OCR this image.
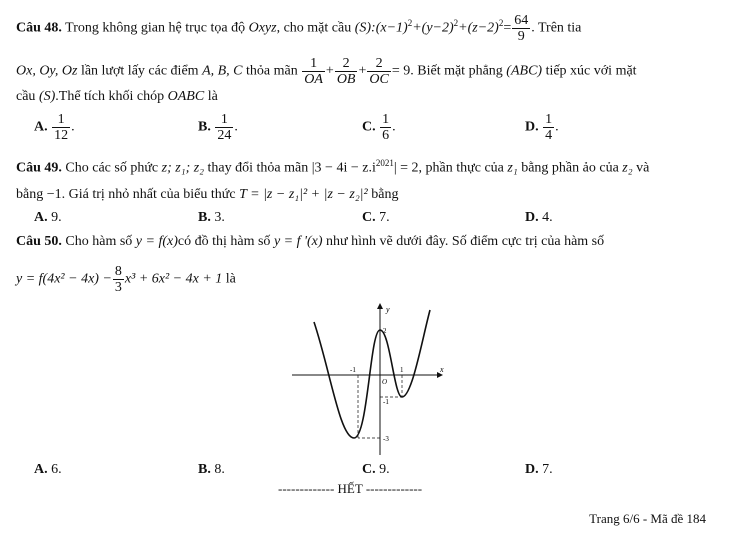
Câu 48. Trong không gian hệ trục tọa độ Oxyz, cho mặt cầu $(S):(x-1)^2+(y-2)^2+(z-2)^2= \frac{64}{9}$ . Trên tia
Ox, Oy, Oz lần lượt lấy các điểm A, B, C thỏa mãn $\frac{1}{OA} + \frac{2}{OB} + \frac{2}{OC} = 9$. Biết mặt phẳng (ABC) tiếp xúc với mặt
cầu (S).Thể tích khối chóp OABC là
A. $\frac{1}{12}$ .	B. $\frac{1}{24}$ .	C. $\frac{1}{6}$ .	D. $\frac{1}{4}$ .
Câu 49. Cho các số phức z; z₁; z₂ thay đổi thỏa mãn $|3 - 4i - z.i^{2021}| = 2$, phần thực của z₁ bằng phần ảo của z₂ và
bằng −1. Giá trị nhỏ nhất của biểu thức T = |z − z₁|² + |z − z₂|² bằng
A. 9.	B. 3.	C. 7.	D. 4.
Câu 50. Cho hàm số y = f(x)có đồ thị hàm số y = f '(x) như hình vẽ dưới đây. Số điểm cực trị của hàm số
$y = f(4x^2 - 4x) - \frac{8}{3} x^3 + 6x^2 - 4x + 1$ là
y
x
O
-1	1
2
-1
-3
A. 6.	B. 8.	C. 9.	D. 7.
------------- HẾT -------------
Trang 6/6 - Mã đề 184
